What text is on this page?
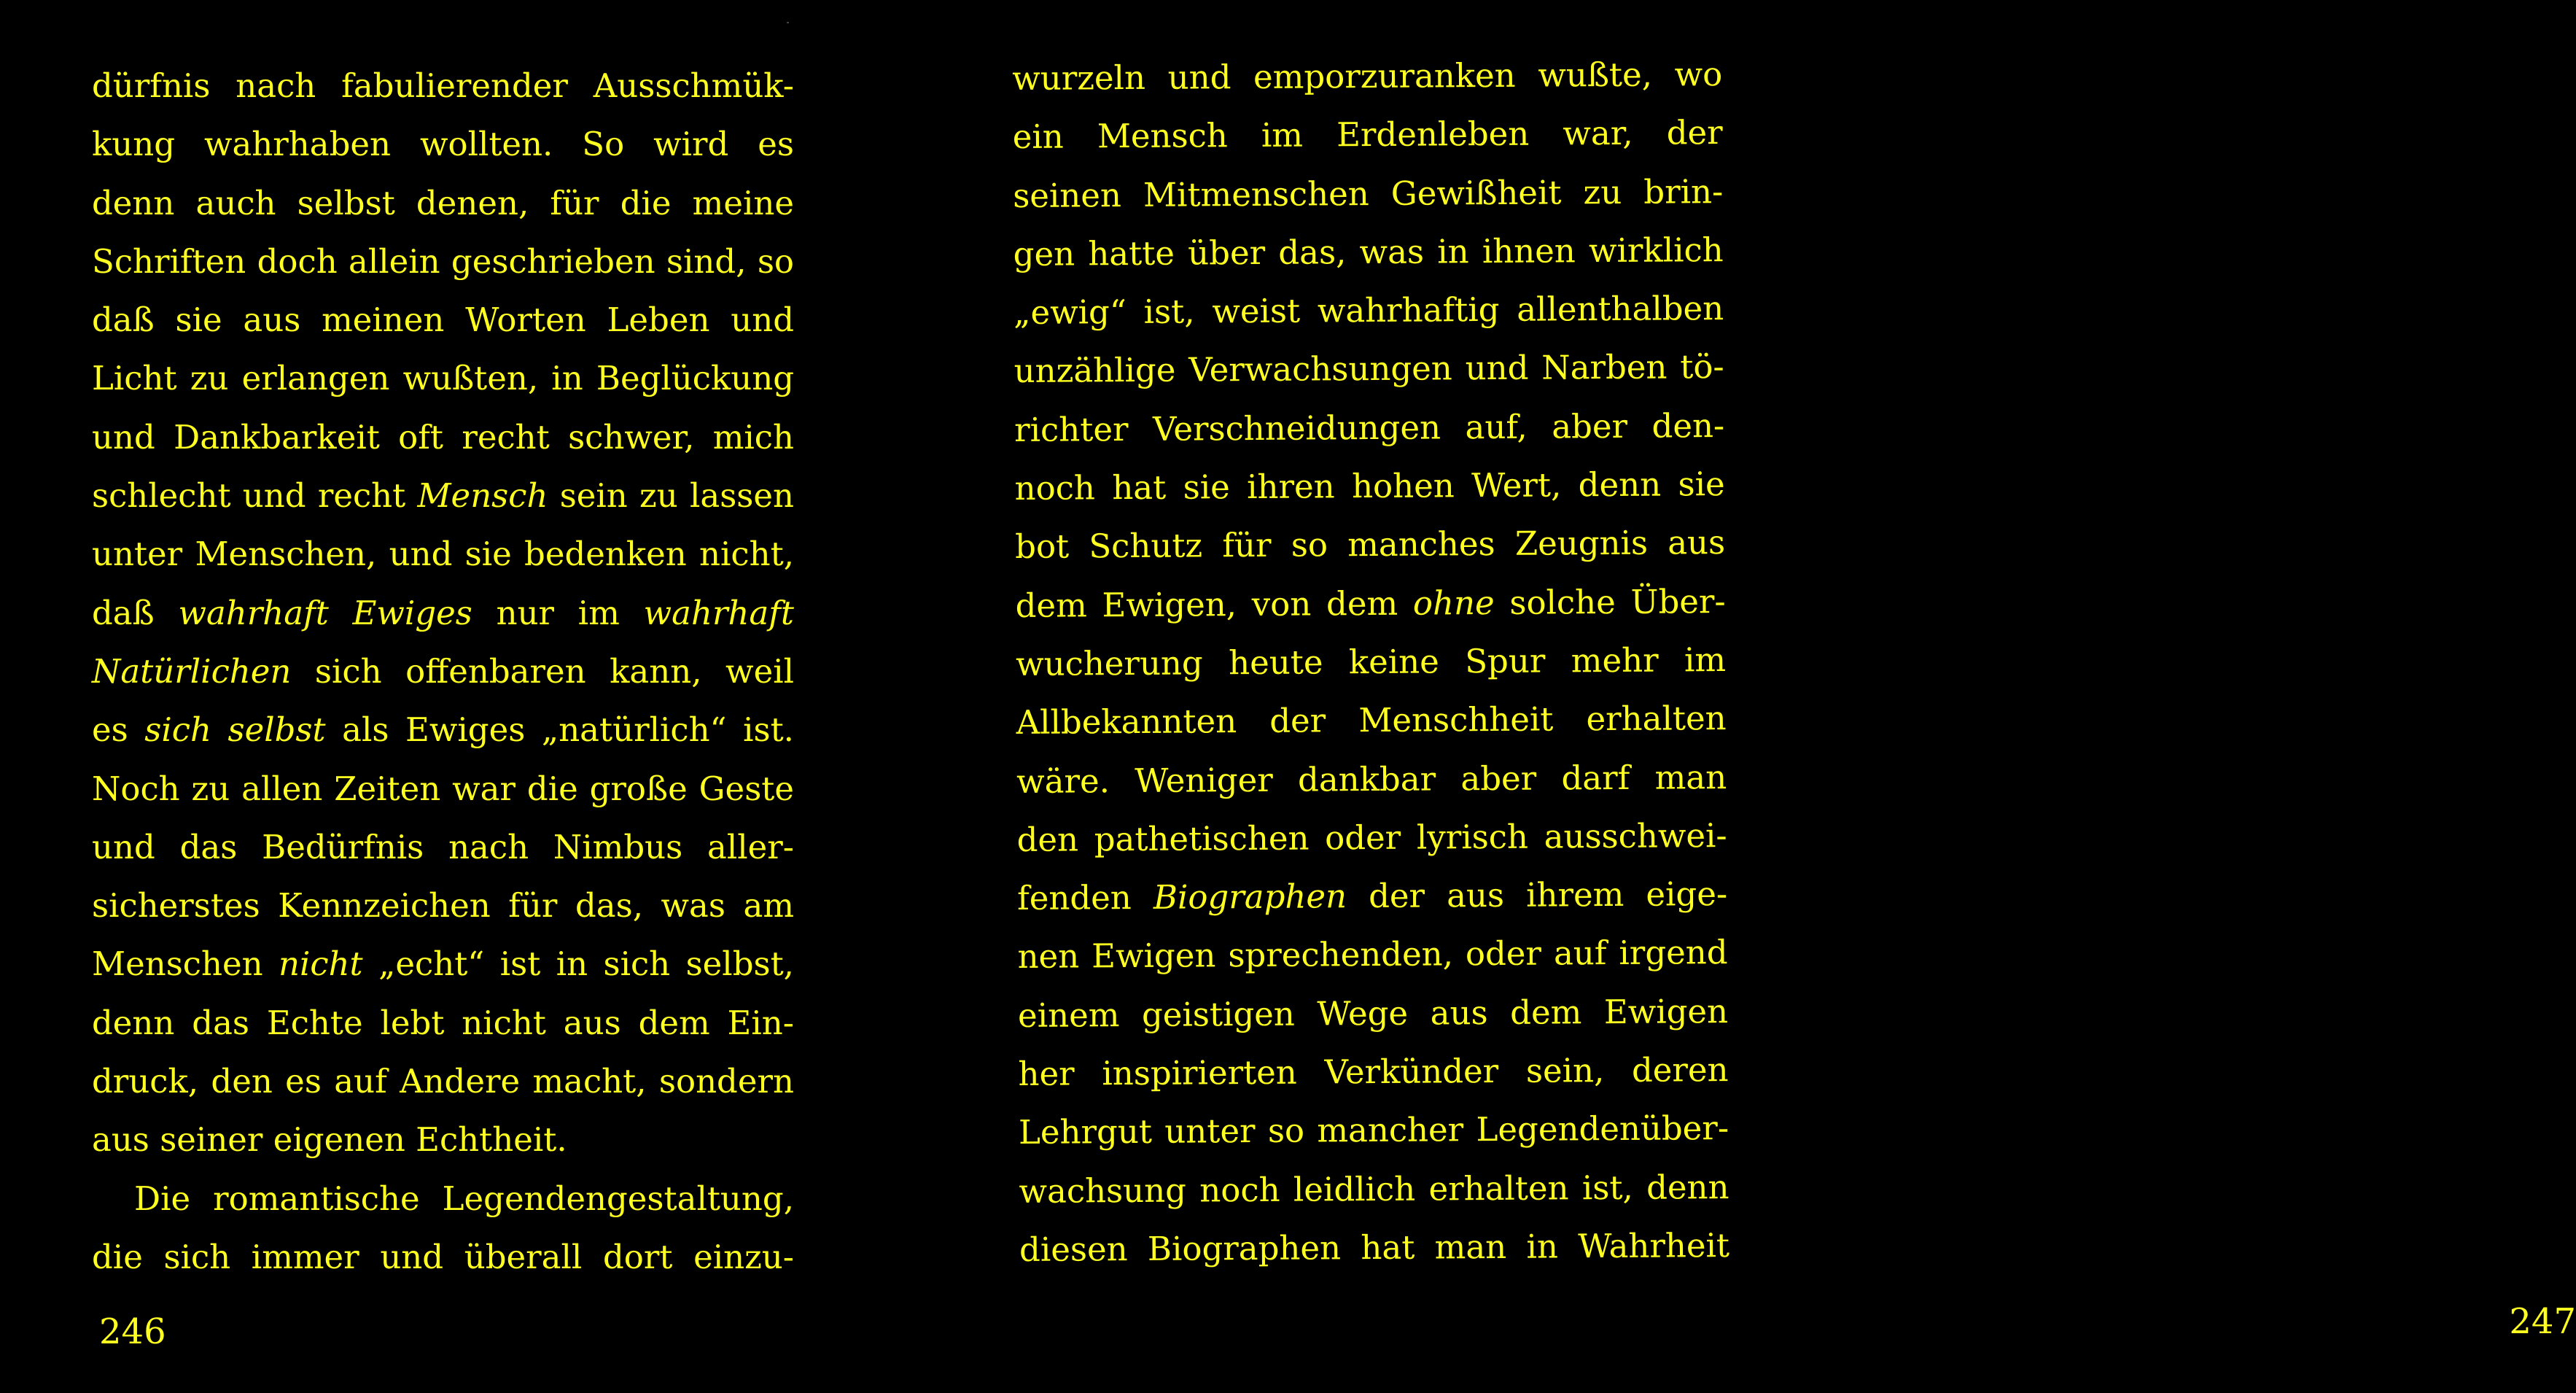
dürfnis nach fabulierender Ausschmük-
kung wahrhaben wollten. So wird es
denn auch selbst denen, für die meine
Schriften doch allein geschrieben sind, so
daß sie aus meinen Worten Leben und
Licht zu erlangen wußten, in Beglückung
und Dankbarkeit oft recht schwer, mich
schlecht und recht Mensch sein zu lassen
unter Menschen, und sie bedenken nicht,
daß wahrhaft Ewiges nur im wahrhaft
Natürlichen sich offenbaren kann, weil
es sich selbst als Ewiges „natürlich“ ist.
Noch zu allen Zeiten war die große Geste
und das Bedürfnis nach Nimbus aller-
sicherstes Kennzeichen für das, was am
Menschen nicht „echt“ ist in sich selbst,
denn das Echte lebt nicht aus dem Ein-
druck, den es auf Andere macht, sondern
aus seiner eigenen Echtheit.
Die romantische Legendengestaltung,
die sich immer und überall dort einzu-
246
wurzeln und emporzuranken wußte, wo
ein Mensch im Erdenleben war, der
seinen Mitmenschen Gewißheit zu brin-
gen hatte über das, was in ihnen wirklich
„ewig“ ist, weist wahrhaftig allenthalben
unzählige Verwachsungen und Narben tö-
richter Verschneidungen auf, aber den-
noch hat sie ihren hohen Wert, denn sie
bot Schutz für so manches Zeugnis aus
dem Ewigen, von dem ohne solche Über-
wucherung heute keine Spur mehr im
Allbekannten der Menschheit erhalten
wäre. Weniger dankbar aber darf man
den pathetischen oder lyrisch ausschwei-
fenden Biographen der aus ihrem eige-
nen Ewigen sprechenden, oder auf irgend
einem geistigen Wege aus dem Ewigen
her inspirierten Verkünder sein, deren
Lehrgut unter so mancher Legendenüber-
wachsung noch leidlich erhalten ist, denn
diesen Biographen hat man in Wahrheit
247
